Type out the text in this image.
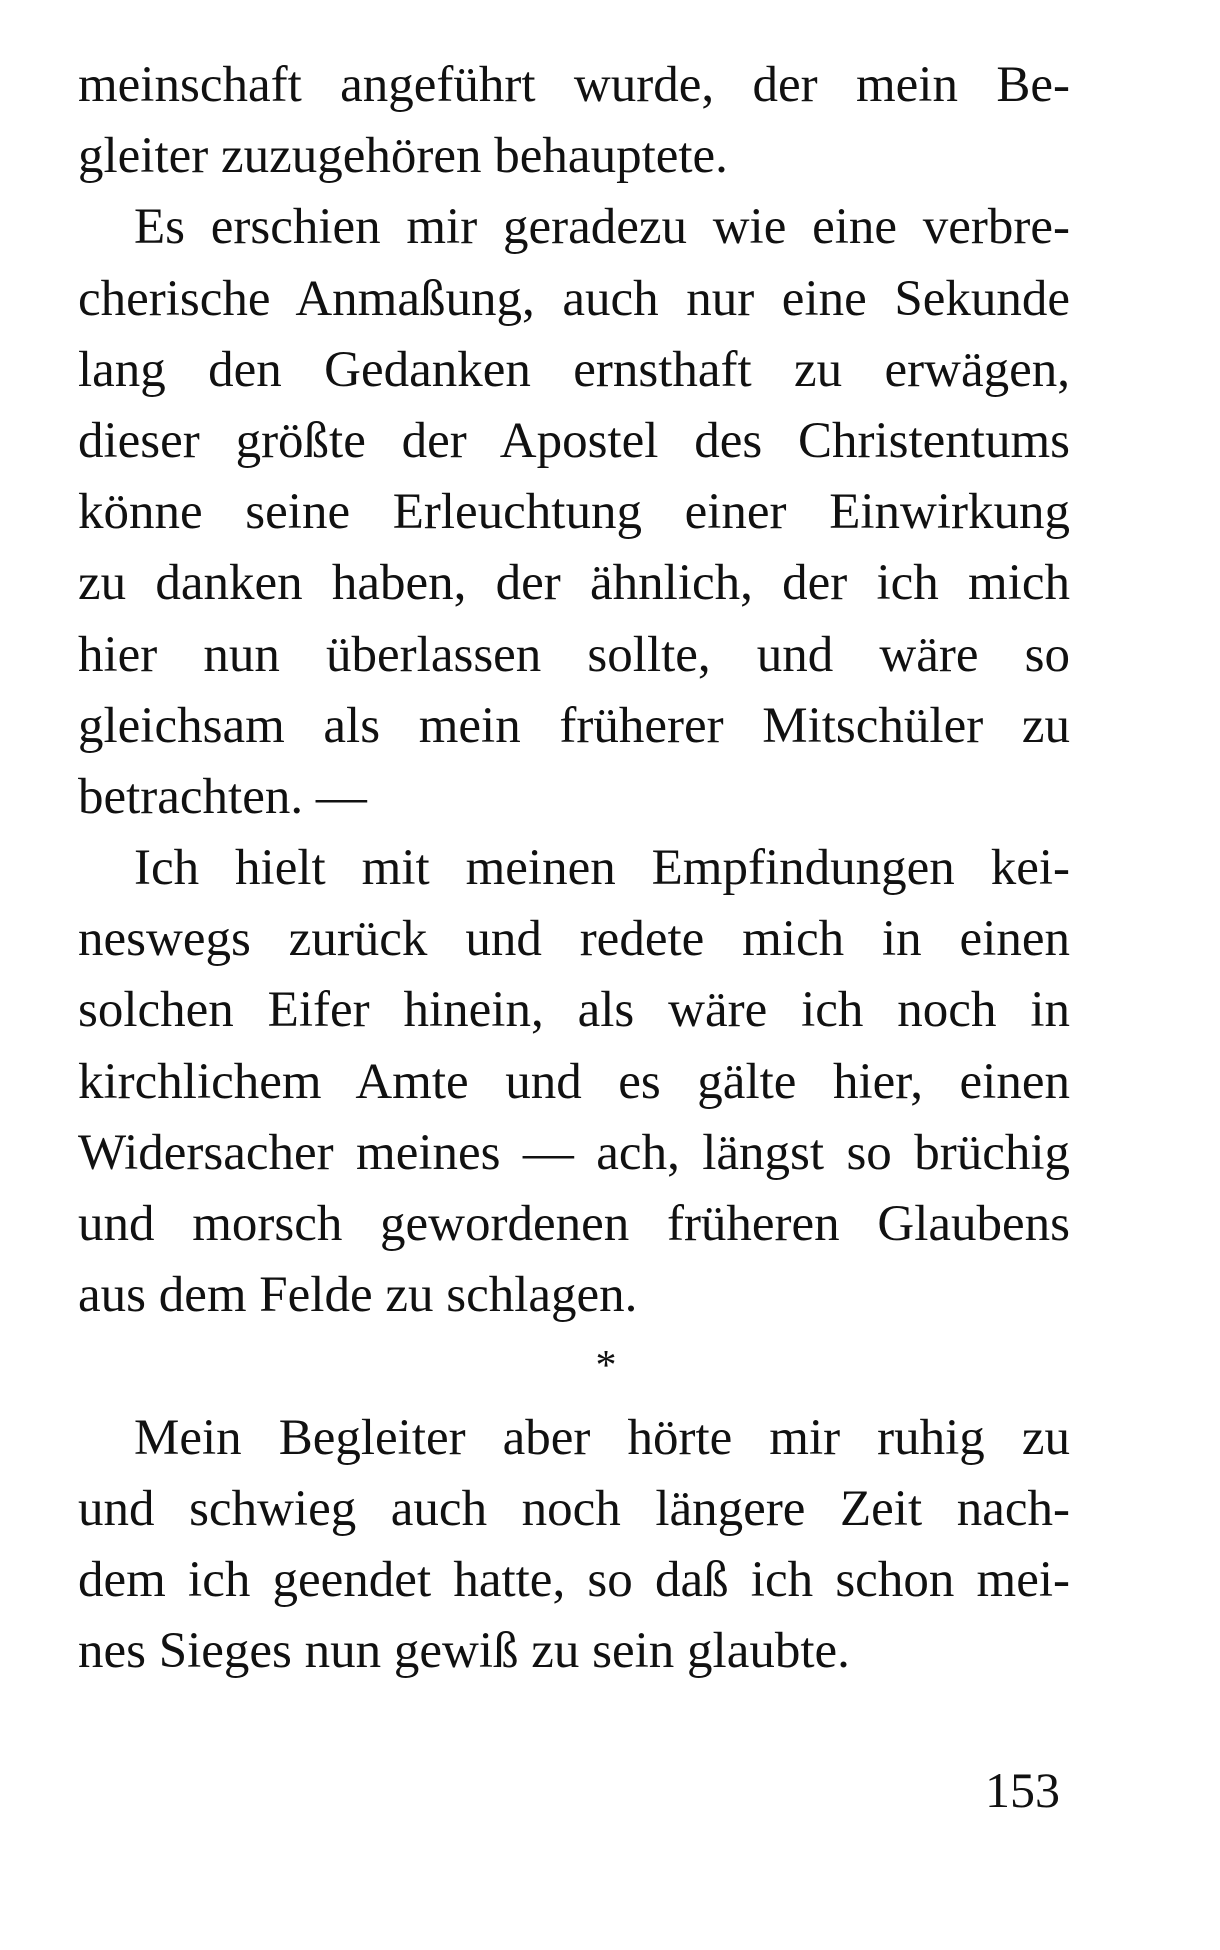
meinschaft angeführt wurde, der mein Be-
gleiter zuzugehören behauptete.
Es erschien mir geradezu wie eine verbre-
cherische Anmaßung, auch nur eine Sekunde
lang den Gedanken ernsthaft zu erwägen,
dieser größte der Apostel des Christentums
könne seine Erleuchtung einer Einwirkung
zu danken haben, der ähnlich, der ich mich
hier nun überlassen sollte, und wäre so
gleichsam als mein früherer Mitschüler zu
betrachten. —
Ich hielt mit meinen Empfindungen kei-
neswegs zurück und redete mich in einen
solchen Eifer hinein, als wäre ich noch in
kirchlichem Amte und es gälte hier, einen
Widersacher meines — ach, längst so brüchig
und morsch gewordenen früheren Glaubens
aus dem Felde zu schlagen.
*
Mein Begleiter aber hörte mir ruhig zu
und schwieg auch noch längere Zeit nach-
dem ich geendet hatte, so daß ich schon mei-
nes Sieges nun gewiß zu sein glaubte.
153
